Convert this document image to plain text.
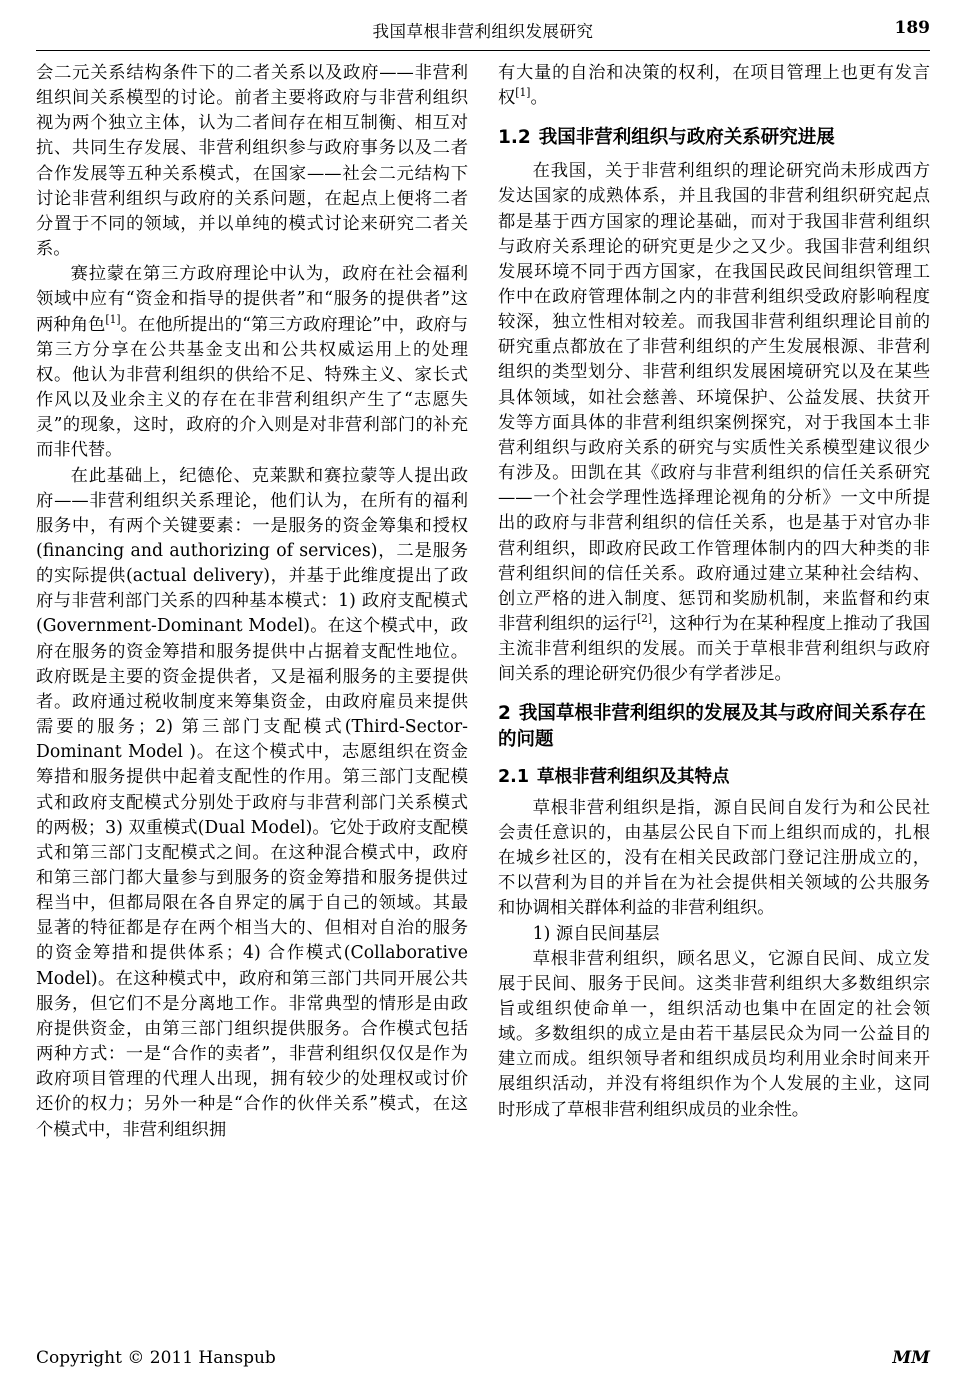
我国草根非营利组织发展研究	189

会二元关系结构条件下的二者关系以及政府——非营利组织间关系模型的讨论。前者主要将政府与非营利组织视为两个独立主体，认为二者间存在相互制衡、相互对抗、共同生存发展、非营利组织参与政府事务以及二者合作发展等五种关系模式，在国家——社会二元结构下讨论非营利组织与政府的关系问题，在起点上便将二者分置于不同的领域，并以单纯的模式讨论来研究二者关系。

赛拉蒙在第三方政府理论中认为，政府在社会福利领域中应有“资金和指导的提供者”和“服务的提供者”这两种角色[1]。在他所提出的“第三方政府理论”中，政府与第三方分享在公共基金支出和公共权威运用上的处理权。他认为非营利组织的供给不足、特殊主义、家长式作风以及业余主义的存在在非营利组织产生了“志愿失灵”的现象，这时，政府的介入则是对非营利部门的补充而非代替。

在此基础上，纪德伦、克莱默和赛拉蒙等人提出政府——非营利组织关系理论，他们认为，在所有的福利服务中，有两个关键要素：一是服务的资金筹集和授权(financing and authorizing of services)，二是服务的实际提供(actual delivery)，并基于此维度提出了政府与非营利部门关系的四种基本模式：1) 政府支配模式(Government-Dominant Model)。在这个模式中，政府在服务的资金筹措和服务提供中占据着支配性地位。政府既是主要的资金提供者，又是福利服务的主要提供者。政府通过税收制度来筹集资金，由政府雇员来提供需要的服务；2) 第三部门支配模式(Third-Sector-Dominant Model )。在这个模式中，志愿组织在资金筹措和服务提供中起着支配性的作用。第三部门支配模式和政府支配模式分别处于政府与非营利部门关系模式的两极；3) 双重模式(Dual Model)。它处于政府支配模式和第三部门支配模式之间。在这种混合模式中，政府和第三部门都大量参与到服务的资金筹措和服务提供过程当中，但都局限在各自界定的属于自己的领域。其最显著的特征都是存在两个相当大的、但相对自治的服务的资金筹措和提供体系；4) 合作模式(Collaborative Model)。在这种模式中，政府和第三部门共同开展公共服务，但它们不是分离地工作。非常典型的情形是由政府提供资金，由第三部门组织提供服务。合作模式包括两种方式：一是“合作的卖者”，非营利组织仅仅是作为政府项目管理的代理人出现，拥有较少的处理权或讨价还价的权力；另外一种是“合作的伙伴关系”模式，在这个模式中，非营利组织拥

有大量的自治和决策的权利，在项目管理上也更有发言权[1]。

1.2 我国非营利组织与政府关系研究进展

在我国，关于非营利组织的理论研究尚未形成西方发达国家的成熟体系，并且我国的非营利组织研究起点都是基于西方国家的理论基础，而对于我国非营利组织与政府关系理论的研究更是少之又少。我国非营利组织发展环境不同于西方国家，在我国民政民间组织管理工作中在政府管理体制之内的非营利组织受政府影响程度较深，独立性相对较差。而我国非营利组织理论目前的研究重点都放在了非营利组织的产生发展根源、非营利组织的类型划分、非营利组织发展困境研究以及在某些具体领域，如社会慈善、环境保护、公益发展、扶贫开发等方面具体的非营利组织案例探究，对于我国本土非营利组织与政府关系的研究与实质性关系模型建议很少有涉及。田凯在其《政府与非营利组织的信任关系研究——一个社会学理性选择理论视角的分析》一文中所提出的政府与非营利组织的信任关系，也是基于对官办非营利组织，即政府民政工作管理体制内的四大种类的非营利组织间的信任关系。政府通过建立某种社会结构、创立严格的进入制度、惩罚和奖励机制，来监督和约束非营利组织的运行[2]，这种行为在某种程度上推动了我国主流非营利组织的发展。而关于草根非营利组织与政府间关系的理论研究仍很少有学者涉足。

2 我国草根非营利组织的发展及其与政府间关系存在的问题
2.1 草根非营利组织及其特点

草根非营利组织是指，源自民间自发行为和公民社会责任意识的，由基层公民自下而上组织而成的，扎根在城乡社区的，没有在相关民政部门登记注册成立的，不以营利为目的并旨在为社会提供相关领域的公共服务和协调相关群体利益的非营利组织。

1) 源自民间基层

草根非营利组织，顾名思义，它源自民间、成立发展于民间、服务于民间。这类非营利组织大多数组织宗旨或组织使命单一，组织活动也集中在固定的社会领域。多数组织的成立是由若干基层民众为同一公益目的建立而成。组织领导者和组织成员均利用业余时间来开展组织活动，并没有将组织作为个人发展的主业，这同时形成了草根非营利组织成员的业余性。

Copyright © 2011 Hanspub	MM
